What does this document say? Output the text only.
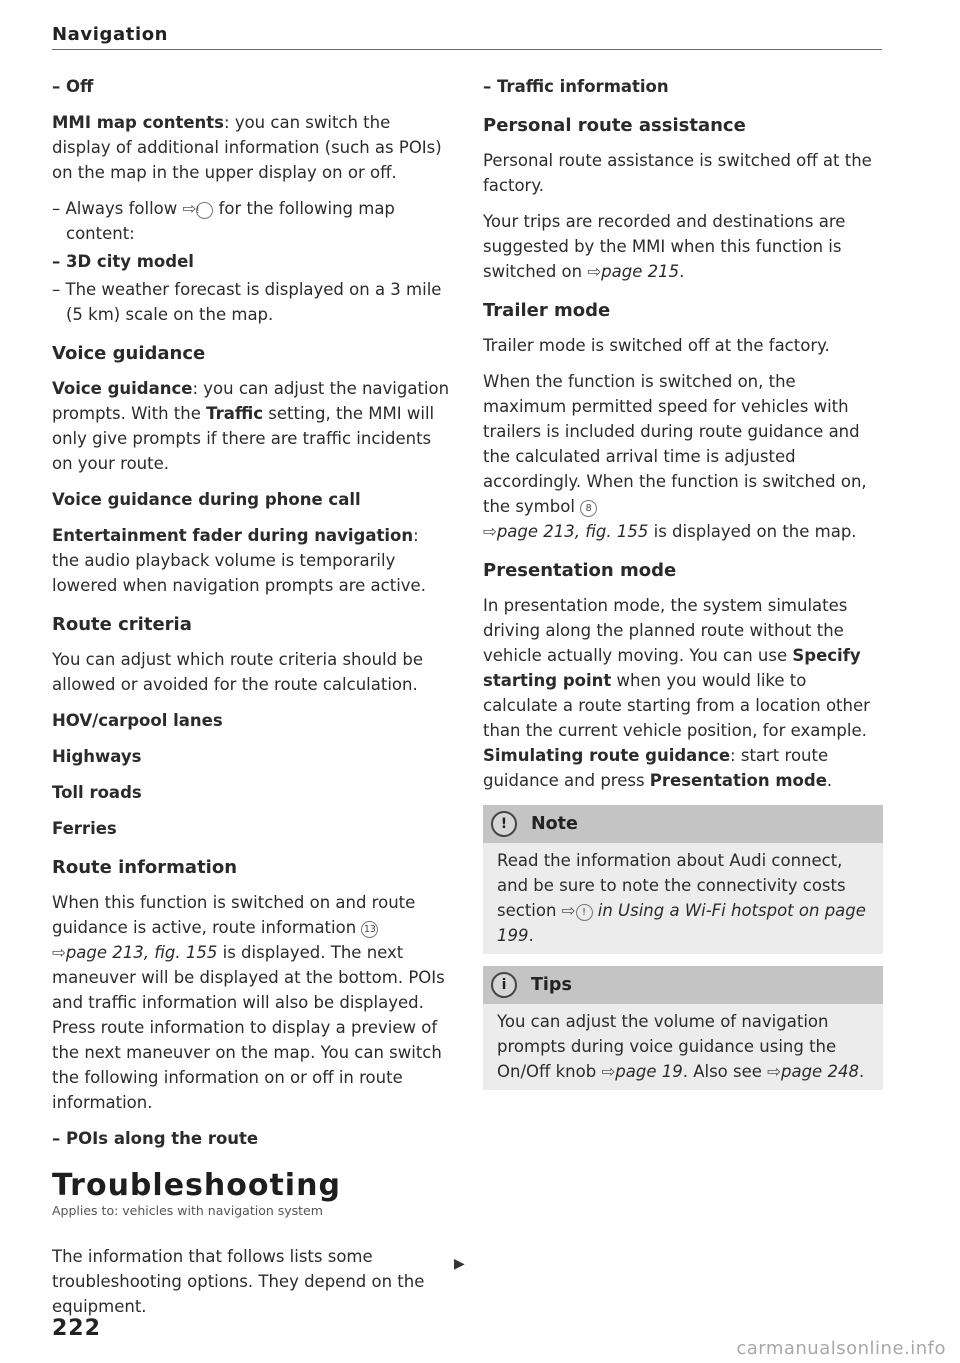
Navigation

– Off

MMI map contents: you can switch the display of additional information (such as POIs) on the map in the upper display on or off.

– Always follow ⇨! for the following map content:

– 3D city model

– The weather forecast is displayed on a 3 mile (5 km) scale on the map.

Voice guidance

Voice guidance: you can adjust the navigation prompts. With the Traffic setting, the MMI will only give prompts if there are traffic incidents on your route.

Voice guidance during phone call

Entertainment fader during navigation: the audio playback volume is temporarily lowered when navigation prompts are active.

Route criteria

You can adjust which route criteria should be allowed or avoided for the route calculation.

HOV/carpool lanes

Highways

Toll roads

Ferries

Route information

When this function is switched on and route guidance is active, route information 13
⇨page 213, fig. 155 is displayed. The next maneuver will be displayed at the bottom. POIs and traffic information will also be displayed. Press route information to display a preview of the next maneuver on the map. You can switch the following information on or off in route information.

– POIs along the route

Troubleshooting
Applies to: vehicles with navigation system

The information that follows lists some troubleshooting options. They depend on the equipment.

– Traffic information

Personal route assistance

Personal route assistance is switched off at the factory.

Your trips are recorded and destinations are suggested by the MMI when this function is switched on ⇨page 215.

Trailer mode

Trailer mode is switched off at the factory.

When the function is switched on, the maximum permitted speed for vehicles with trailers is included during route guidance and the calculated arrival time is adjusted accordingly. When the function is switched on, the symbol 8
⇨page 213, fig. 155 is displayed on the map.

Presentation mode

In presentation mode, the system simulates driving along the planned route without the vehicle actually moving. You can use Specify starting point when you would like to calculate a route starting from a location other than the current vehicle position, for example. Simulating route guidance: start route guidance and press Presentation mode.

!	Note
Read the information about Audi connect, and be sure to note the connectivity costs section ⇨ ! in Using a Wi-Fi hotspot on page 199.
i	Tips
You can adjust the volume of navigation prompts during voice guidance using the On/Off knob ⇨page 19. Also see ⇨page 248.
▶
222
carmanualsonline.info
